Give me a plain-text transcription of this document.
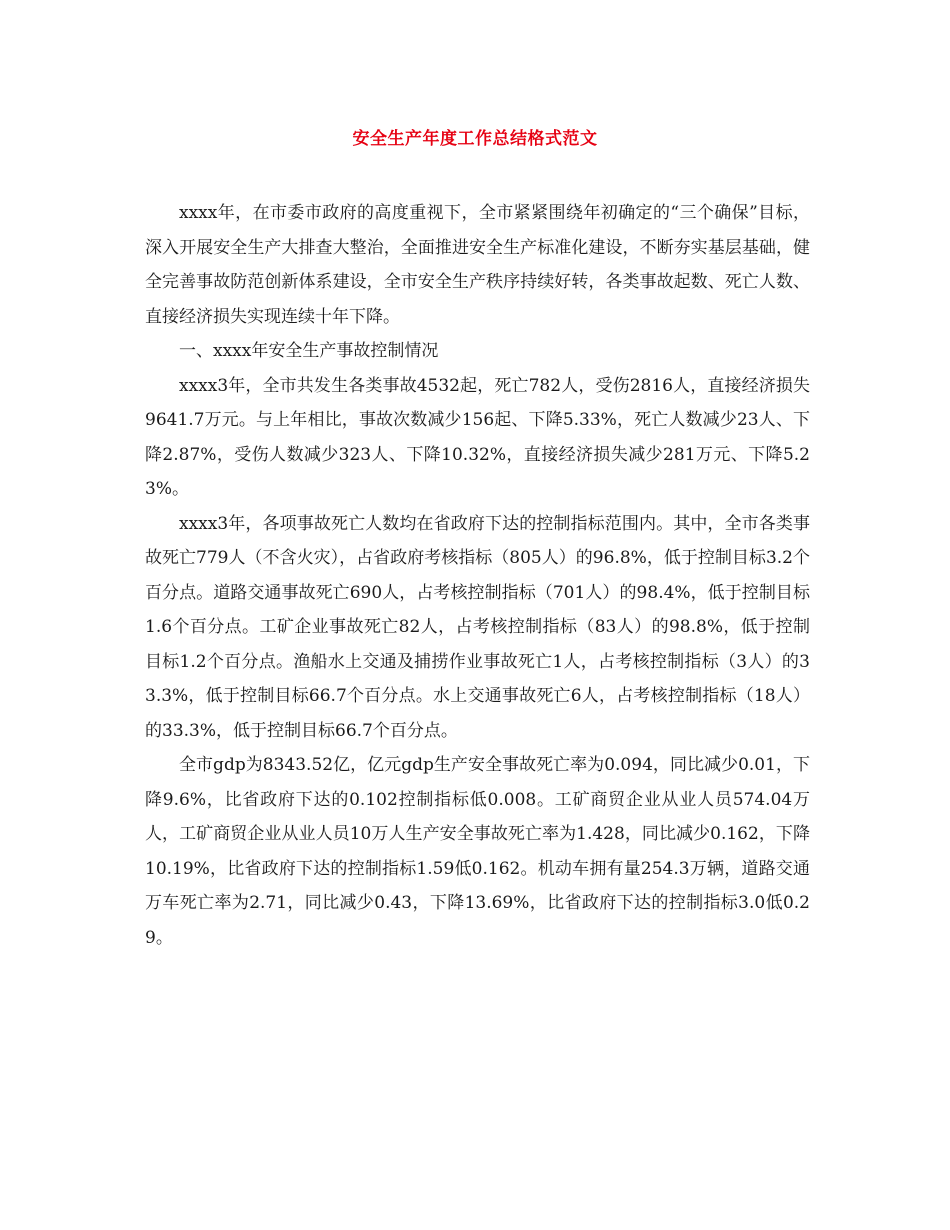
安全生产年度工作总结格式范文

xxxx年，在市委市政府的高度重视下，全市紧紧围绕年初确定的“三个确保”目标，深入开展安全生产大排查大整治，全面推进安全生产标准化建设，不断夯实基层基础，健全完善事故防范创新体系建设，全市安全生产秩序持续好转，各类事故起数、死亡人数、直接经济损失实现连续十年下降。

一、xxxx年安全生产事故控制情况

xxxx3年，全市共发生各类事故4532起，死亡782人，受伤2816人，直接经济损失9641.7万元。与上年相比，事故次数减少156起、下降5.33%，死亡人数减少23人、下降2.87%，受伤人数减少323人、下降10.32%，直接经济损失减少281万元、下降5.23%。

xxxx3年，各项事故死亡人数均在省政府下达的控制指标范围内。其中，全市各类事故死亡779人（不含火灾），占省政府考核指标（805人）的96.8%，低于控制目标3.2个百分点。道路交通事故死亡690人，占考核控制指标（701人）的98.4%，低于控制目标1.6个百分点。工矿企业事故死亡82人，占考核控制指标（83人）的98.8%，低于控制目标1.2个百分点。渔船水上交通及捕捞作业事故死亡1人，占考核控制指标（3人）的33.3%，低于控制目标66.7个百分点。水上交通事故死亡6人，占考核控制指标（18人）的33.3%，低于控制目标66.7个百分点。

全市gdp为8343.52亿，亿元gdp生产安全事故死亡率为0.094，同比减少0.01，下降9.6%，比省政府下达的0.102控制指标低0.008。工矿商贸企业从业人员574.04万人，工矿商贸企业从业人员10万人生产安全事故死亡率为1.428，同比减少0.162，下降10.19%，比省政府下达的控制指标1.59低0.162。机动车拥有量254.3万辆，道路交通万车死亡率为2.71，同比减少0.43，下降13.69%，比省政府下达的控制指标3.0低0.29。
